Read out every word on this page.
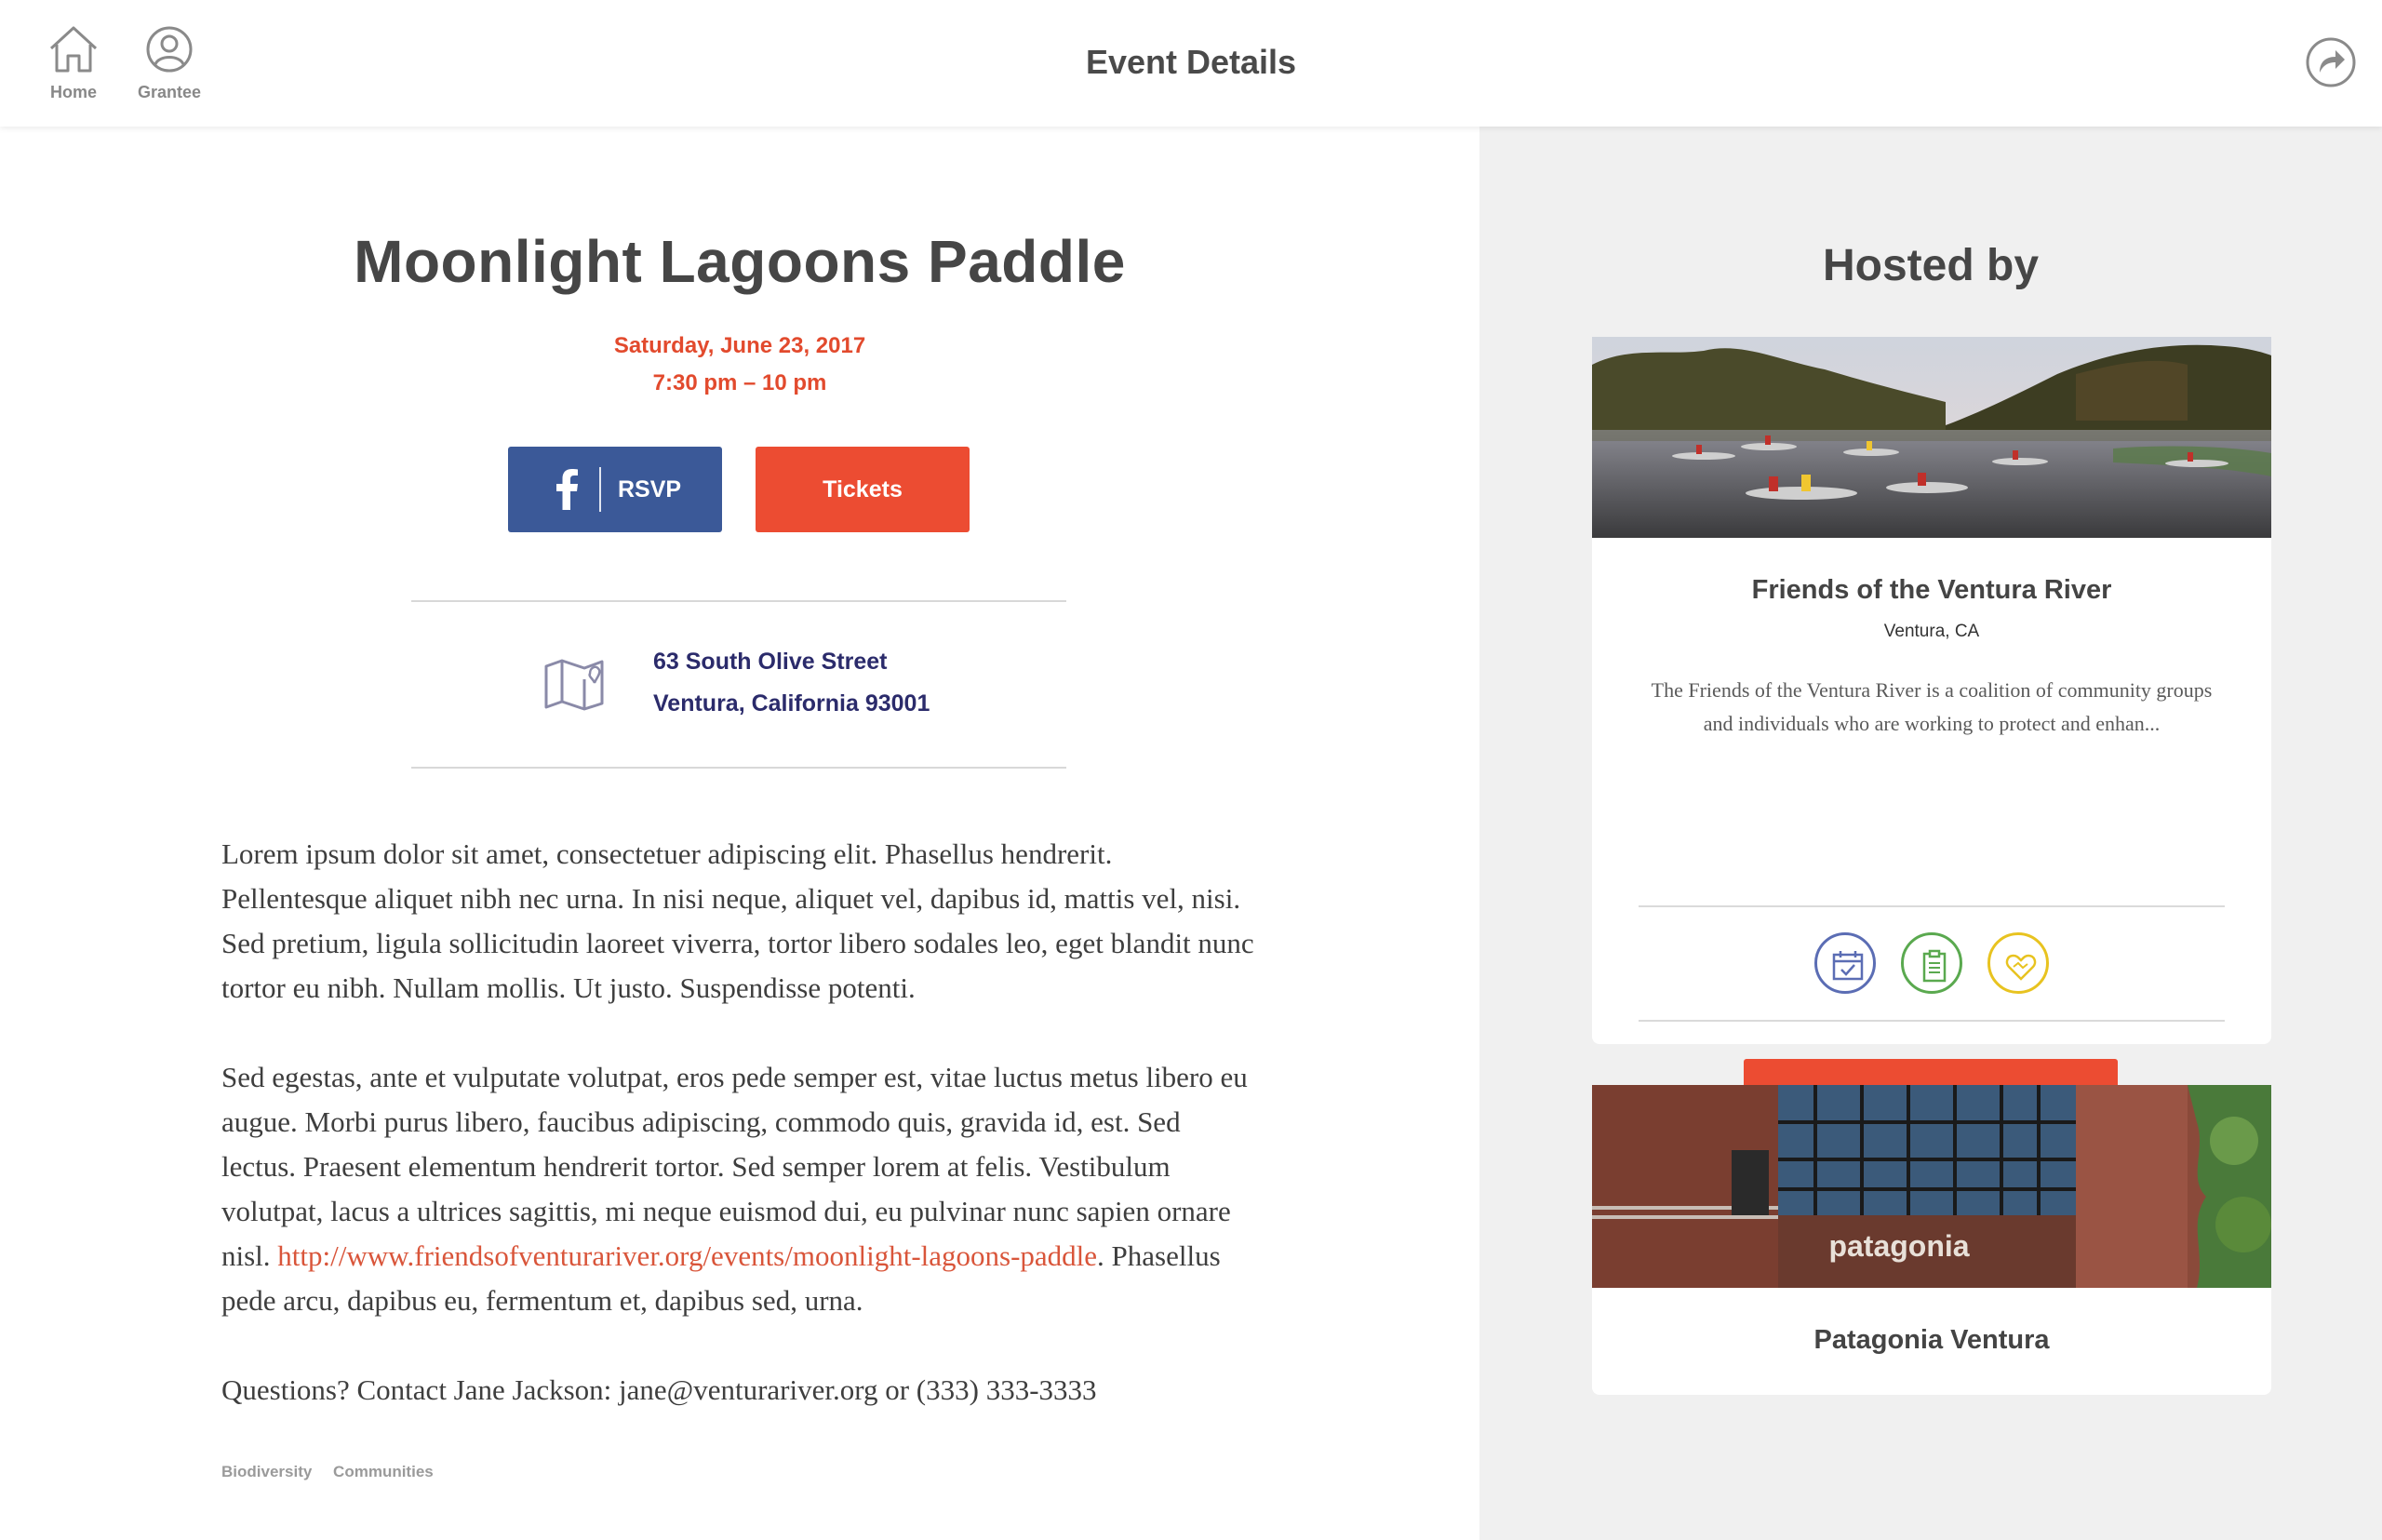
Home	Grantee
Event Details
Moonlight Lagoons Paddle
Saturday, June 23, 2017
7:30 pm – 10 pm
RSVP	Tickets
63 South Olive Street
Ventura, California 93001
Lorem ipsum dolor sit amet, consectetuer adipiscing elit. Phasellus hendrerit. Pellentesque aliquet nibh nec urna. In nisi neque, aliquet vel, dapibus id, mattis vel, nisi. Sed pretium, ligula sollicitudin laoreet viverra, tortor libero sodales leo, eget blandit nunc tortor eu nibh. Nullam mollis. Ut justo. Suspendisse potenti.
Sed egestas, ante et vulputate volutpat, eros pede semper est, vitae luctus metus libero eu augue. Morbi purus libero, faucibus adipiscing, commodo quis, gravida id, est. Sed lectus. Praesent elementum hendrerit tortor. Sed semper lorem at felis. Vestibulum volutpat, lacus a ultrices sagittis, mi neque euismod dui, eu pulvinar nunc sapien ornare nisl. http://www.friendsofventurariver.org/events/moonlight-lagoons-paddle. Phasellus pede arcu, dapibus eu, fermentum et, dapibus sed, urna.
Questions? Contact Jane Jackson: jane@venturariver.org or (333) 333-3333
Biodiversity Communities
Hosted by
Friends of the Ventura River
Ventura, CA
The Friends of the Ventura River is a coalition of community groups and individuals who are working to protect and enhan...
patagonia
Patagonia Ventura
